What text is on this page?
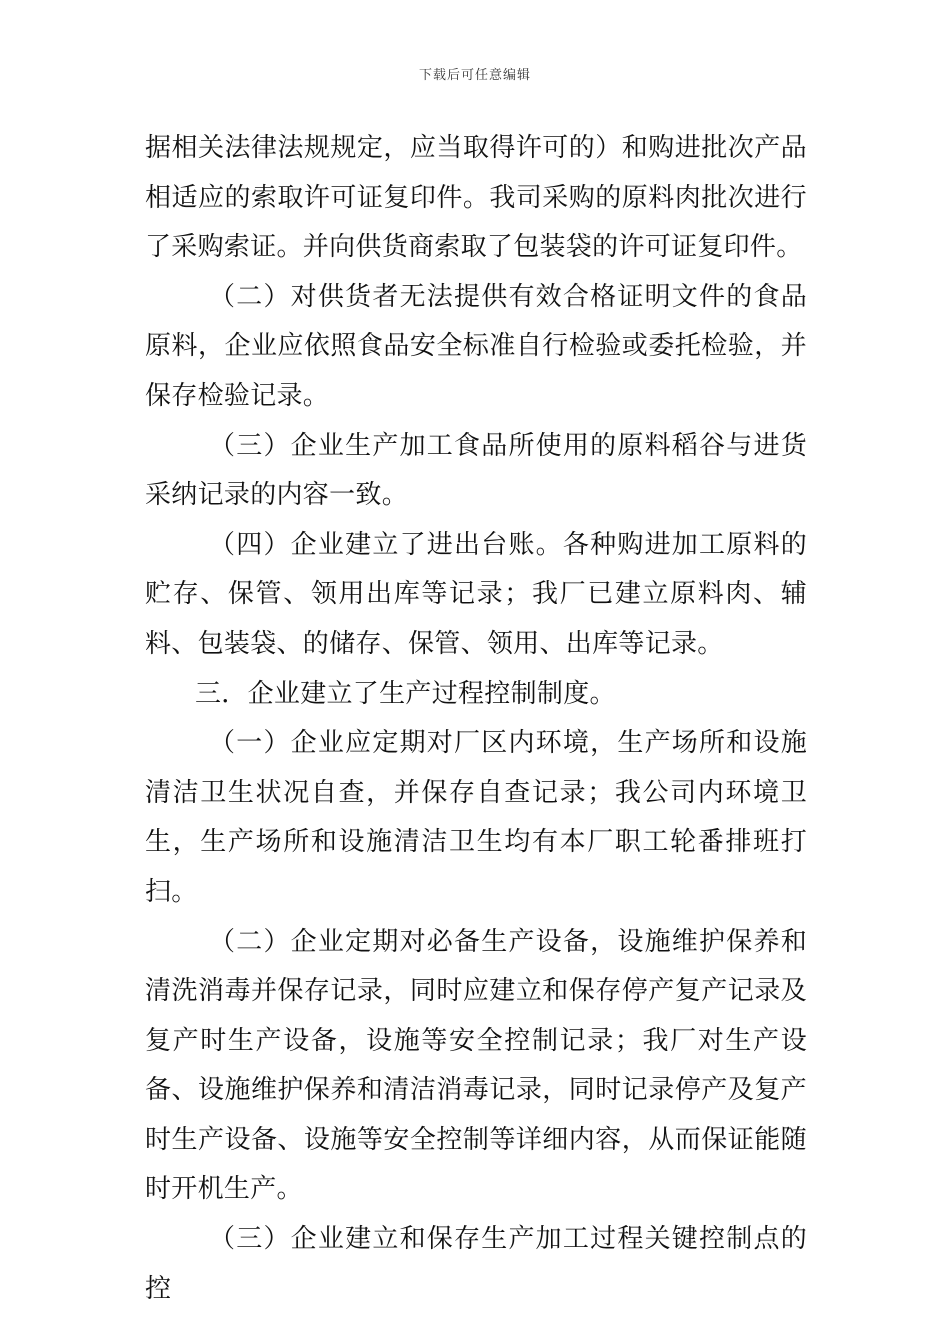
下载后可任意编辑

据相关法律法规规定，应当取得许可的）和购进批次产品相适应的索取许可证复印件。我司采购的原料肉批次进行了采购索证。并向供货商索取了包装袋的许可证复印件。

（二）对供货者无法提供有效合格证明文件的食品原料，企业应依照食品安全标准自行检验或委托检验，并保存检验记录。

（三）企业生产加工食品所使用的原料稻谷与进货采纳记录的内容一致。

（四）企业建立了进出台账。各种购进加工原料的贮存、保管、领用出库等记录；我厂已建立原料肉、辅料、包装袋、的储存、保管、领用、出库等记录。

三．企业建立了生产过程控制制度。

（一）企业应定期对厂区内环境，生产场所和设施清洁卫生状况自查，并保存自查记录；我公司内环境卫生，生产场所和设施清洁卫生均有本厂职工轮番排班打扫。

（二）企业定期对必备生产设备，设施维护保养和清洗消毒并保存记录，同时应建立和保存停产复产记录及复产时生产设备，设施等安全控制记录；我厂对生产设备、设施维护保养和清洁消毒记录，同时记录停产及复产时生产设备、设施等安全控制等详细内容，从而保证能随时开机生产。

（三）企业建立和保存生产加工过程关键控制点的控
